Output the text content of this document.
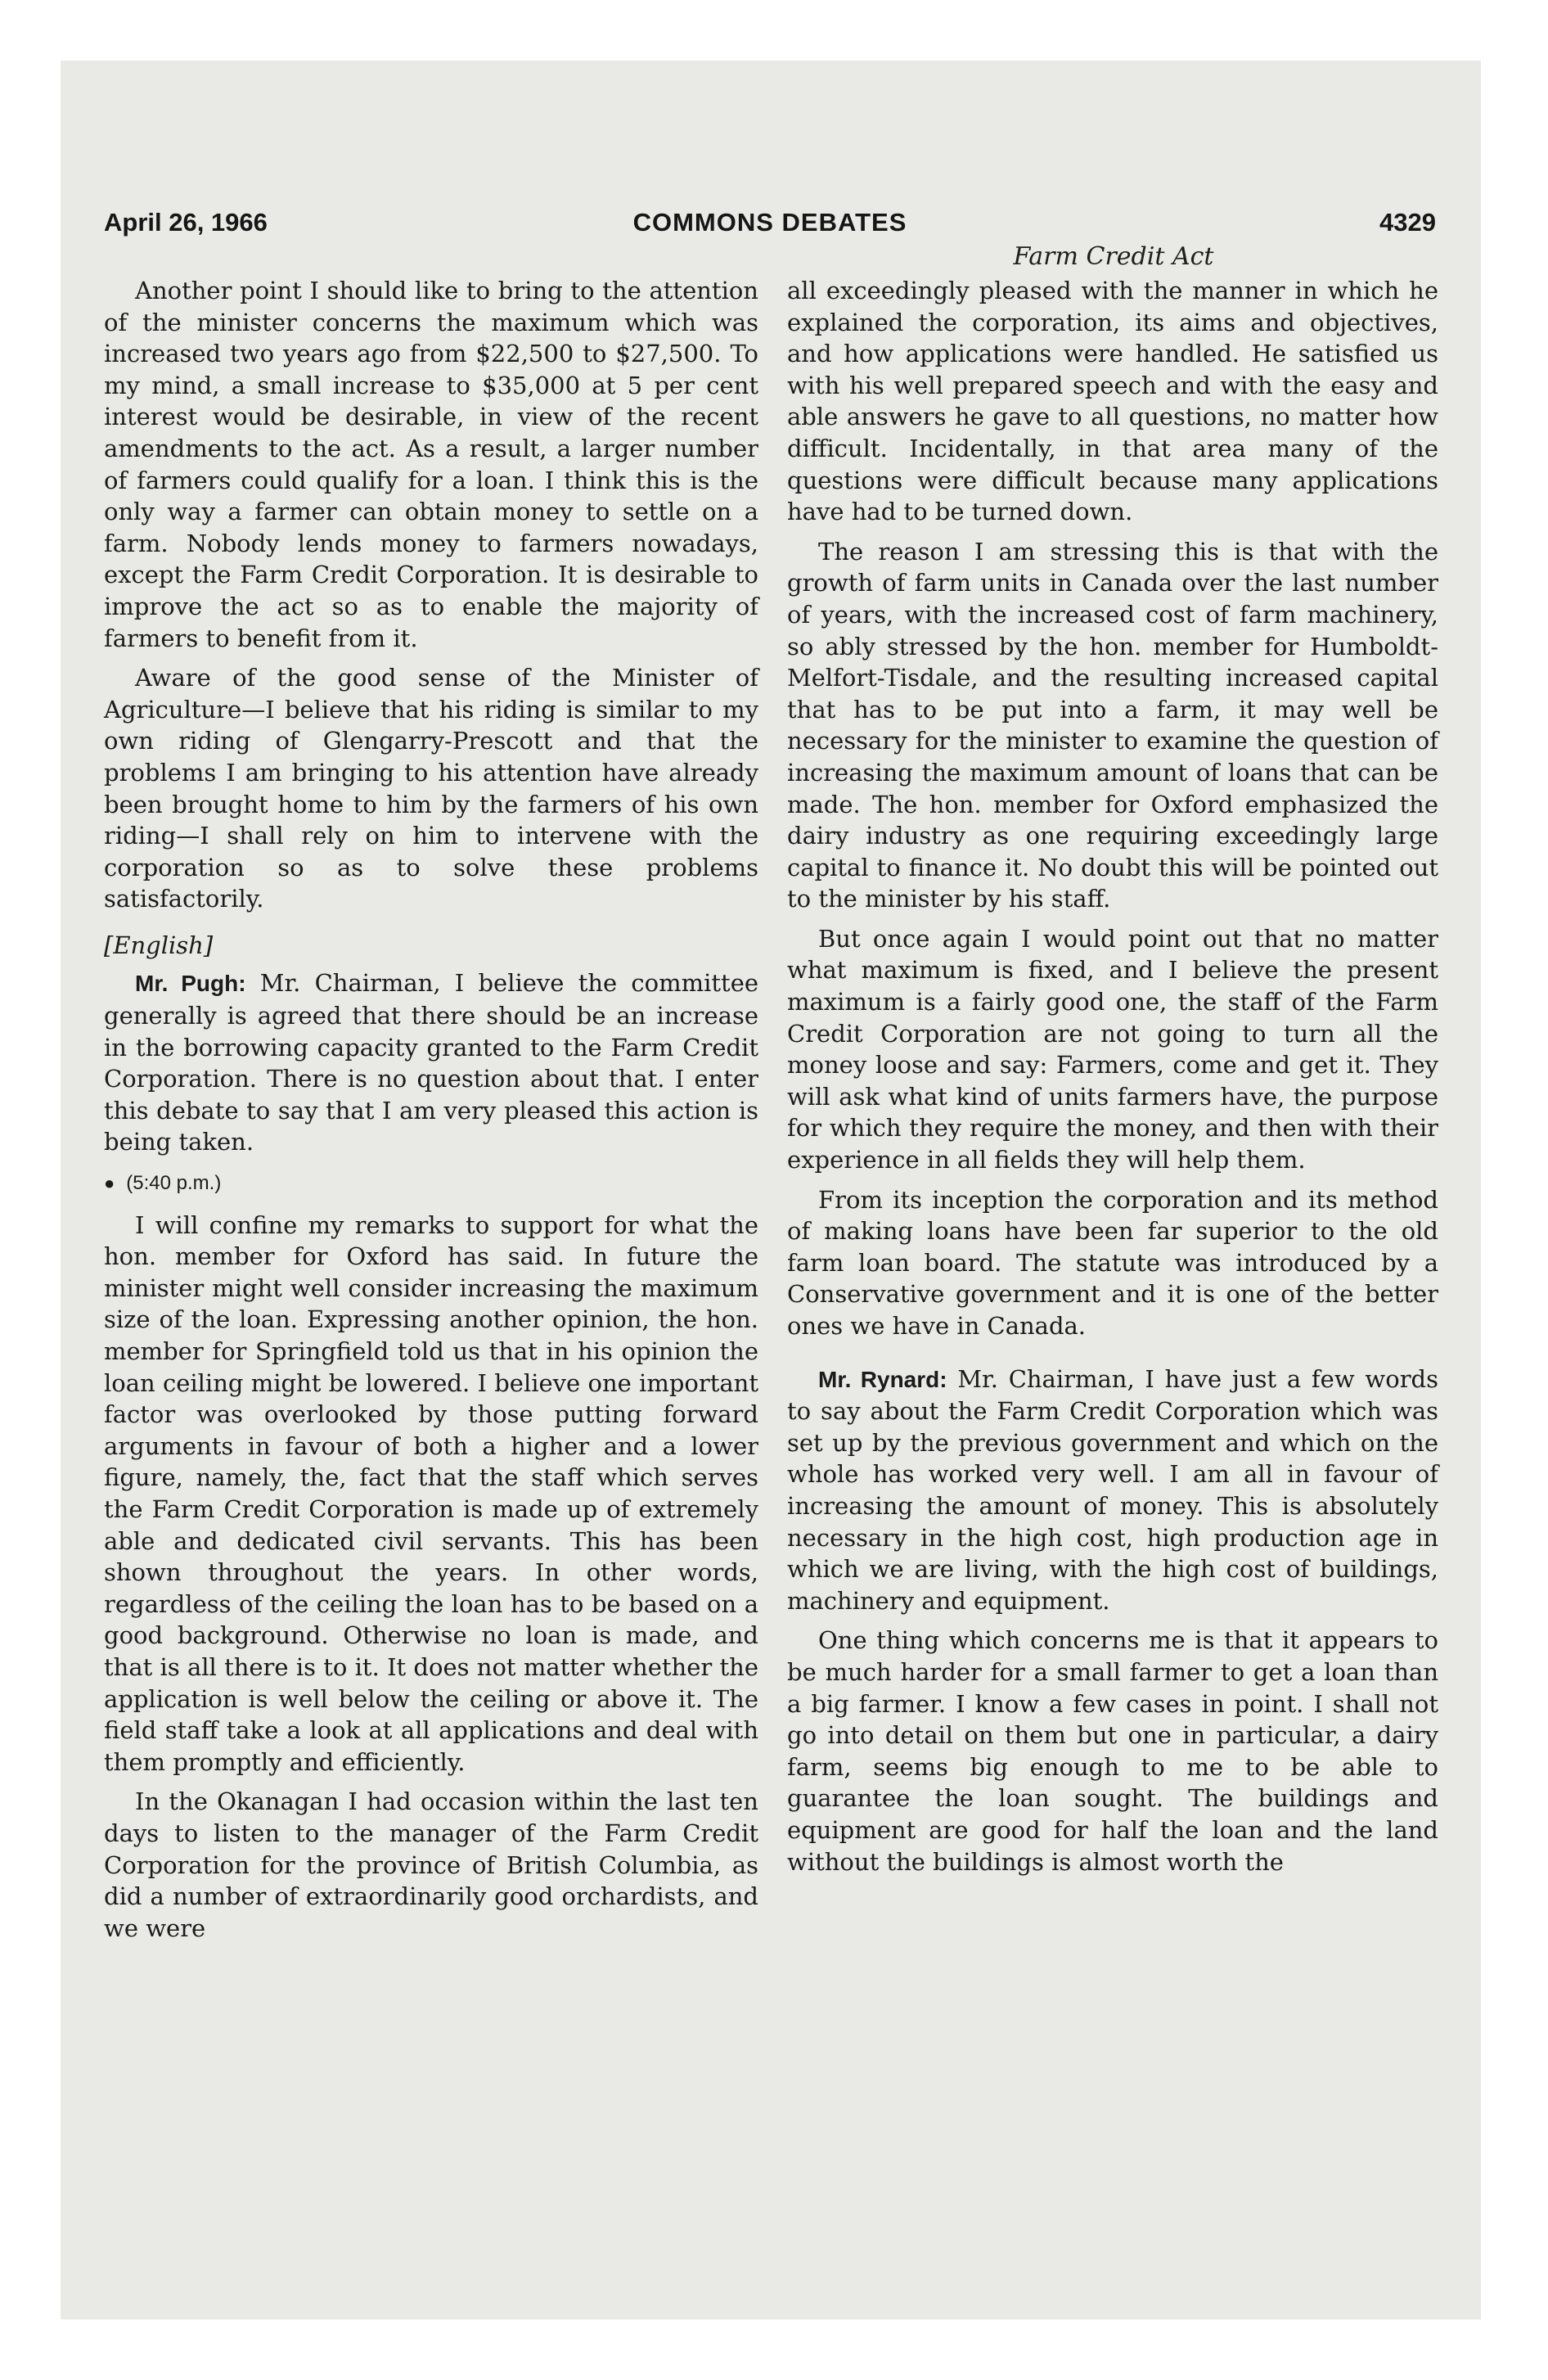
April 26, 1966	COMMONS DEBATES	4329
Farm Credit Act

Another point I should like to bring to the attention of the minister concerns the maximum which was increased two years ago from $22,500 to $27,500. To my mind, a small increase to $35,000 at 5 per cent interest would be desirable, in view of the recent amendments to the act. As a result, a larger number of farmers could qualify for a loan. I think this is the only way a farmer can obtain money to settle on a farm. Nobody lends money to farmers nowadays, except the Farm Credit Corporation. It is desirable to improve the act so as to enable the majority of farmers to benefit from it.

Aware of the good sense of the Minister of Agriculture—I believe that his riding is similar to my own riding of Glengarry-Prescott and that the problems I am bringing to his attention have already been brought home to him by the farmers of his own riding—I shall rely on him to intervene with the corporation so as to solve these problems satisfactorily.

[English]

Mr. Pugh: Mr. Chairman, I believe the committee generally is agreed that there should be an increase in the borrowing capacity granted to the Farm Credit Corporation. There is no question about that. I enter this debate to say that I am very pleased this action is being taken.

● (5:40 p.m.)

I will confine my remarks to support for what the hon. member for Oxford has said. In future the minister might well consider increasing the maximum size of the loan. Expressing another opinion, the hon. member for Springfield told us that in his opinion the loan ceiling might be lowered. I believe one important factor was overlooked by those putting forward arguments in favour of both a higher and a lower figure, namely, the, fact that the staff which serves the Farm Credit Corporation is made up of extremely able and dedicated civil servants. This has been shown throughout the years. In other words, regardless of the ceiling the loan has to be based on a good background. Otherwise no loan is made, and that is all there is to it. It does not matter whether the application is well below the ceiling or above it. The field staff take a look at all applications and deal with them promptly and efficiently.

In the Okanagan I had occasion within the last ten days to listen to the manager of the Farm Credit Corporation for the province of British Columbia, as did a number of extraordinarily good orchardists, and we were

all exceedingly pleased with the manner in which he explained the corporation, its aims and objectives, and how applications were handled. He satisfied us with his well prepared speech and with the easy and able answers he gave to all questions, no matter how difficult. Incidentally, in that area many of the questions were difficult because many applications have had to be turned down.

The reason I am stressing this is that with the growth of farm units in Canada over the last number of years, with the increased cost of farm machinery, so ably stressed by the hon. member for Humboldt-Melfort-Tisdale, and the resulting increased capital that has to be put into a farm, it may well be necessary for the minister to examine the question of increasing the maximum amount of loans that can be made. The hon. member for Oxford emphasized the dairy industry as one requiring exceedingly large capital to finance it. No doubt this will be pointed out to the minister by his staff.

But once again I would point out that no matter what maximum is fixed, and I believe the present maximum is a fairly good one, the staff of the Farm Credit Corporation are not going to turn all the money loose and say: Farmers, come and get it. They will ask what kind of units farmers have, the purpose for which they require the money, and then with their experience in all fields they will help them.

From its inception the corporation and its method of making loans have been far superior to the old farm loan board. The statute was introduced by a Conservative government and it is one of the better ones we have in Canada.

Mr. Rynard: Mr. Chairman, I have just a few words to say about the Farm Credit Corporation which was set up by the previous government and which on the whole has worked very well. I am all in favour of increasing the amount of money. This is absolutely necessary in the high cost, high production age in which we are living, with the high cost of buildings, machinery and equipment.

One thing which concerns me is that it appears to be much harder for a small farmer to get a loan than a big farmer. I know a few cases in point. I shall not go into detail on them but one in particular, a dairy farm, seems big enough to me to be able to guarantee the loan sought. The buildings and equipment are good for half the loan and the land without the buildings is almost worth the
